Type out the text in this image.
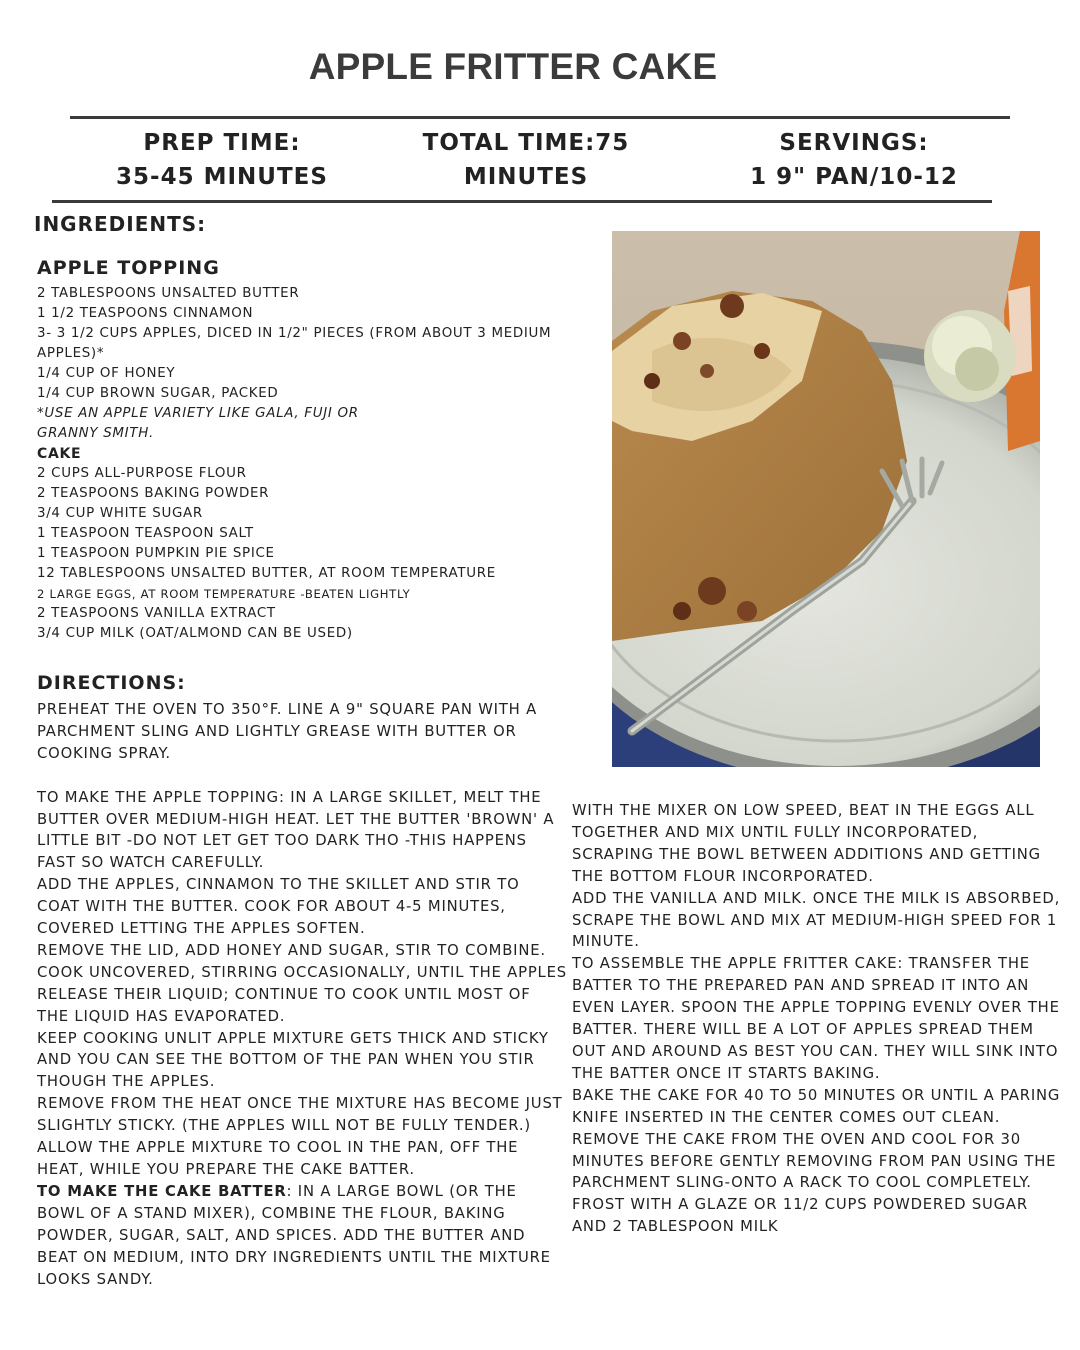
APPLE FRITTER CAKE
PREP TIME:
35-45 MINUTES
TOTAL TIME:75
MINUTES
SERVINGS:
1 9" PAN/10-12
INGREDIENTS:
APPLE TOPPING
2 TABLESPOONS UNSALTED BUTTER
1 1/2 TEASPOONS CINNAMON
3- 3 1/2 CUPS APPLES, DICED IN 1/2" PIECES (FROM ABOUT 3 MEDIUM APPLES)*
1/4 CUP OF HONEY
1/4 CUP BROWN SUGAR, PACKED
*USE AN APPLE VARIETY LIKE GALA, FUJI OR GRANNY SMITH.
CAKE
2 CUPS ALL-PURPOSE FLOUR
2 TEASPOONS BAKING POWDER
3/4 CUP WHITE SUGAR
1 TEASPOON TEASPOON SALT
1 TEASPOON PUMPKIN PIE SPICE
12 TABLESPOONS UNSALTED BUTTER, AT ROOM TEMPERATURE
2 LARGE EGGS, AT ROOM TEMPERATURE -BEATEN LIGHTLY
2 TEASPOONS VANILLA EXTRACT
3/4 CUP MILK (OAT/ALMOND CAN BE USED)
DIRECTIONS:

PREHEAT THE OVEN TO 350°F. LINE A 9" SQUARE PAN WITH A PARCHMENT SLING AND LIGHTLY GREASE WITH BUTTER OR COOKING SPRAY.

TO MAKE THE APPLE TOPPING: IN A LARGE SKILLET, MELT THE BUTTER OVER MEDIUM-HIGH HEAT. LET THE BUTTER 'BROWN' A LITTLE BIT -DO NOT LET GET TOO DARK THO -THIS HAPPENS FAST SO WATCH CAREFULLY.

ADD THE APPLES, CINNAMON TO THE SKILLET AND STIR TO COAT WITH THE BUTTER. COOK FOR ABOUT 4-5 MINUTES, COVERED LETTING THE APPLES SOFTEN.

REMOVE THE LID, ADD HONEY AND SUGAR, STIR TO COMBINE. COOK UNCOVERED, STIRRING OCCASIONALLY, UNTIL THE APPLES RELEASE THEIR LIQUID; CONTINUE TO COOK UNTIL MOST OF THE LIQUID HAS EVAPORATED.

KEEP COOKING UNLIT APPLE MIXTURE GETS THICK AND STICKY AND YOU CAN SEE THE BOTTOM OF THE PAN WHEN YOU STIR THOUGH THE APPLES.

REMOVE FROM THE HEAT ONCE THE MIXTURE HAS BECOME JUST SLIGHTLY STICKY. (THE APPLES WILL NOT BE FULLY TENDER.) ALLOW THE APPLE MIXTURE TO COOL IN THE PAN, OFF THE HEAT, WHILE YOU PREPARE THE CAKE BATTER.

TO MAKE THE CAKE BATTER: IN A LARGE BOWL (OR THE BOWL OF A STAND MIXER), COMBINE THE FLOUR, BAKING POWDER, SUGAR, SALT, AND SPICES. ADD THE BUTTER AND BEAT ON MEDIUM, INTO DRY INGREDIENTS UNTIL THE MIXTURE LOOKS SANDY.

WITH THE MIXER ON LOW SPEED, BEAT IN THE EGGS ALL TOGETHER AND MIX UNTIL FULLY INCORPORATED, SCRAPING THE BOWL BETWEEN ADDITIONS AND GETTING THE BOTTOM FLOUR INCORPORATED.

ADD THE VANILLA AND MILK. ONCE THE MILK IS ABSORBED, SCRAPE THE BOWL AND MIX AT MEDIUM-HIGH SPEED FOR 1 MINUTE.

TO ASSEMBLE THE APPLE FRITTER CAKE: TRANSFER THE BATTER TO THE PREPARED PAN AND SPREAD IT INTO AN EVEN LAYER. SPOON THE APPLE TOPPING EVENLY OVER THE BATTER. THERE WILL BE A LOT OF APPLES SPREAD THEM OUT AND AROUND AS BEST YOU CAN. THEY WILL SINK INTO THE BATTER ONCE IT STARTS BAKING.

BAKE THE CAKE FOR 40 TO 50 MINUTES OR UNTIL A PARING KNIFE INSERTED IN THE CENTER COMES OUT CLEAN. REMOVE THE CAKE FROM THE OVEN AND COOL FOR 30 MINUTES BEFORE GENTLY REMOVING FROM PAN USING THE PARCHMENT SLING-ONTO A RACK TO COOL COMPLETELY.

FROST WITH A GLAZE OR 11/2 CUPS POWDERED SUGAR AND 2 TABLESPOON MILK
